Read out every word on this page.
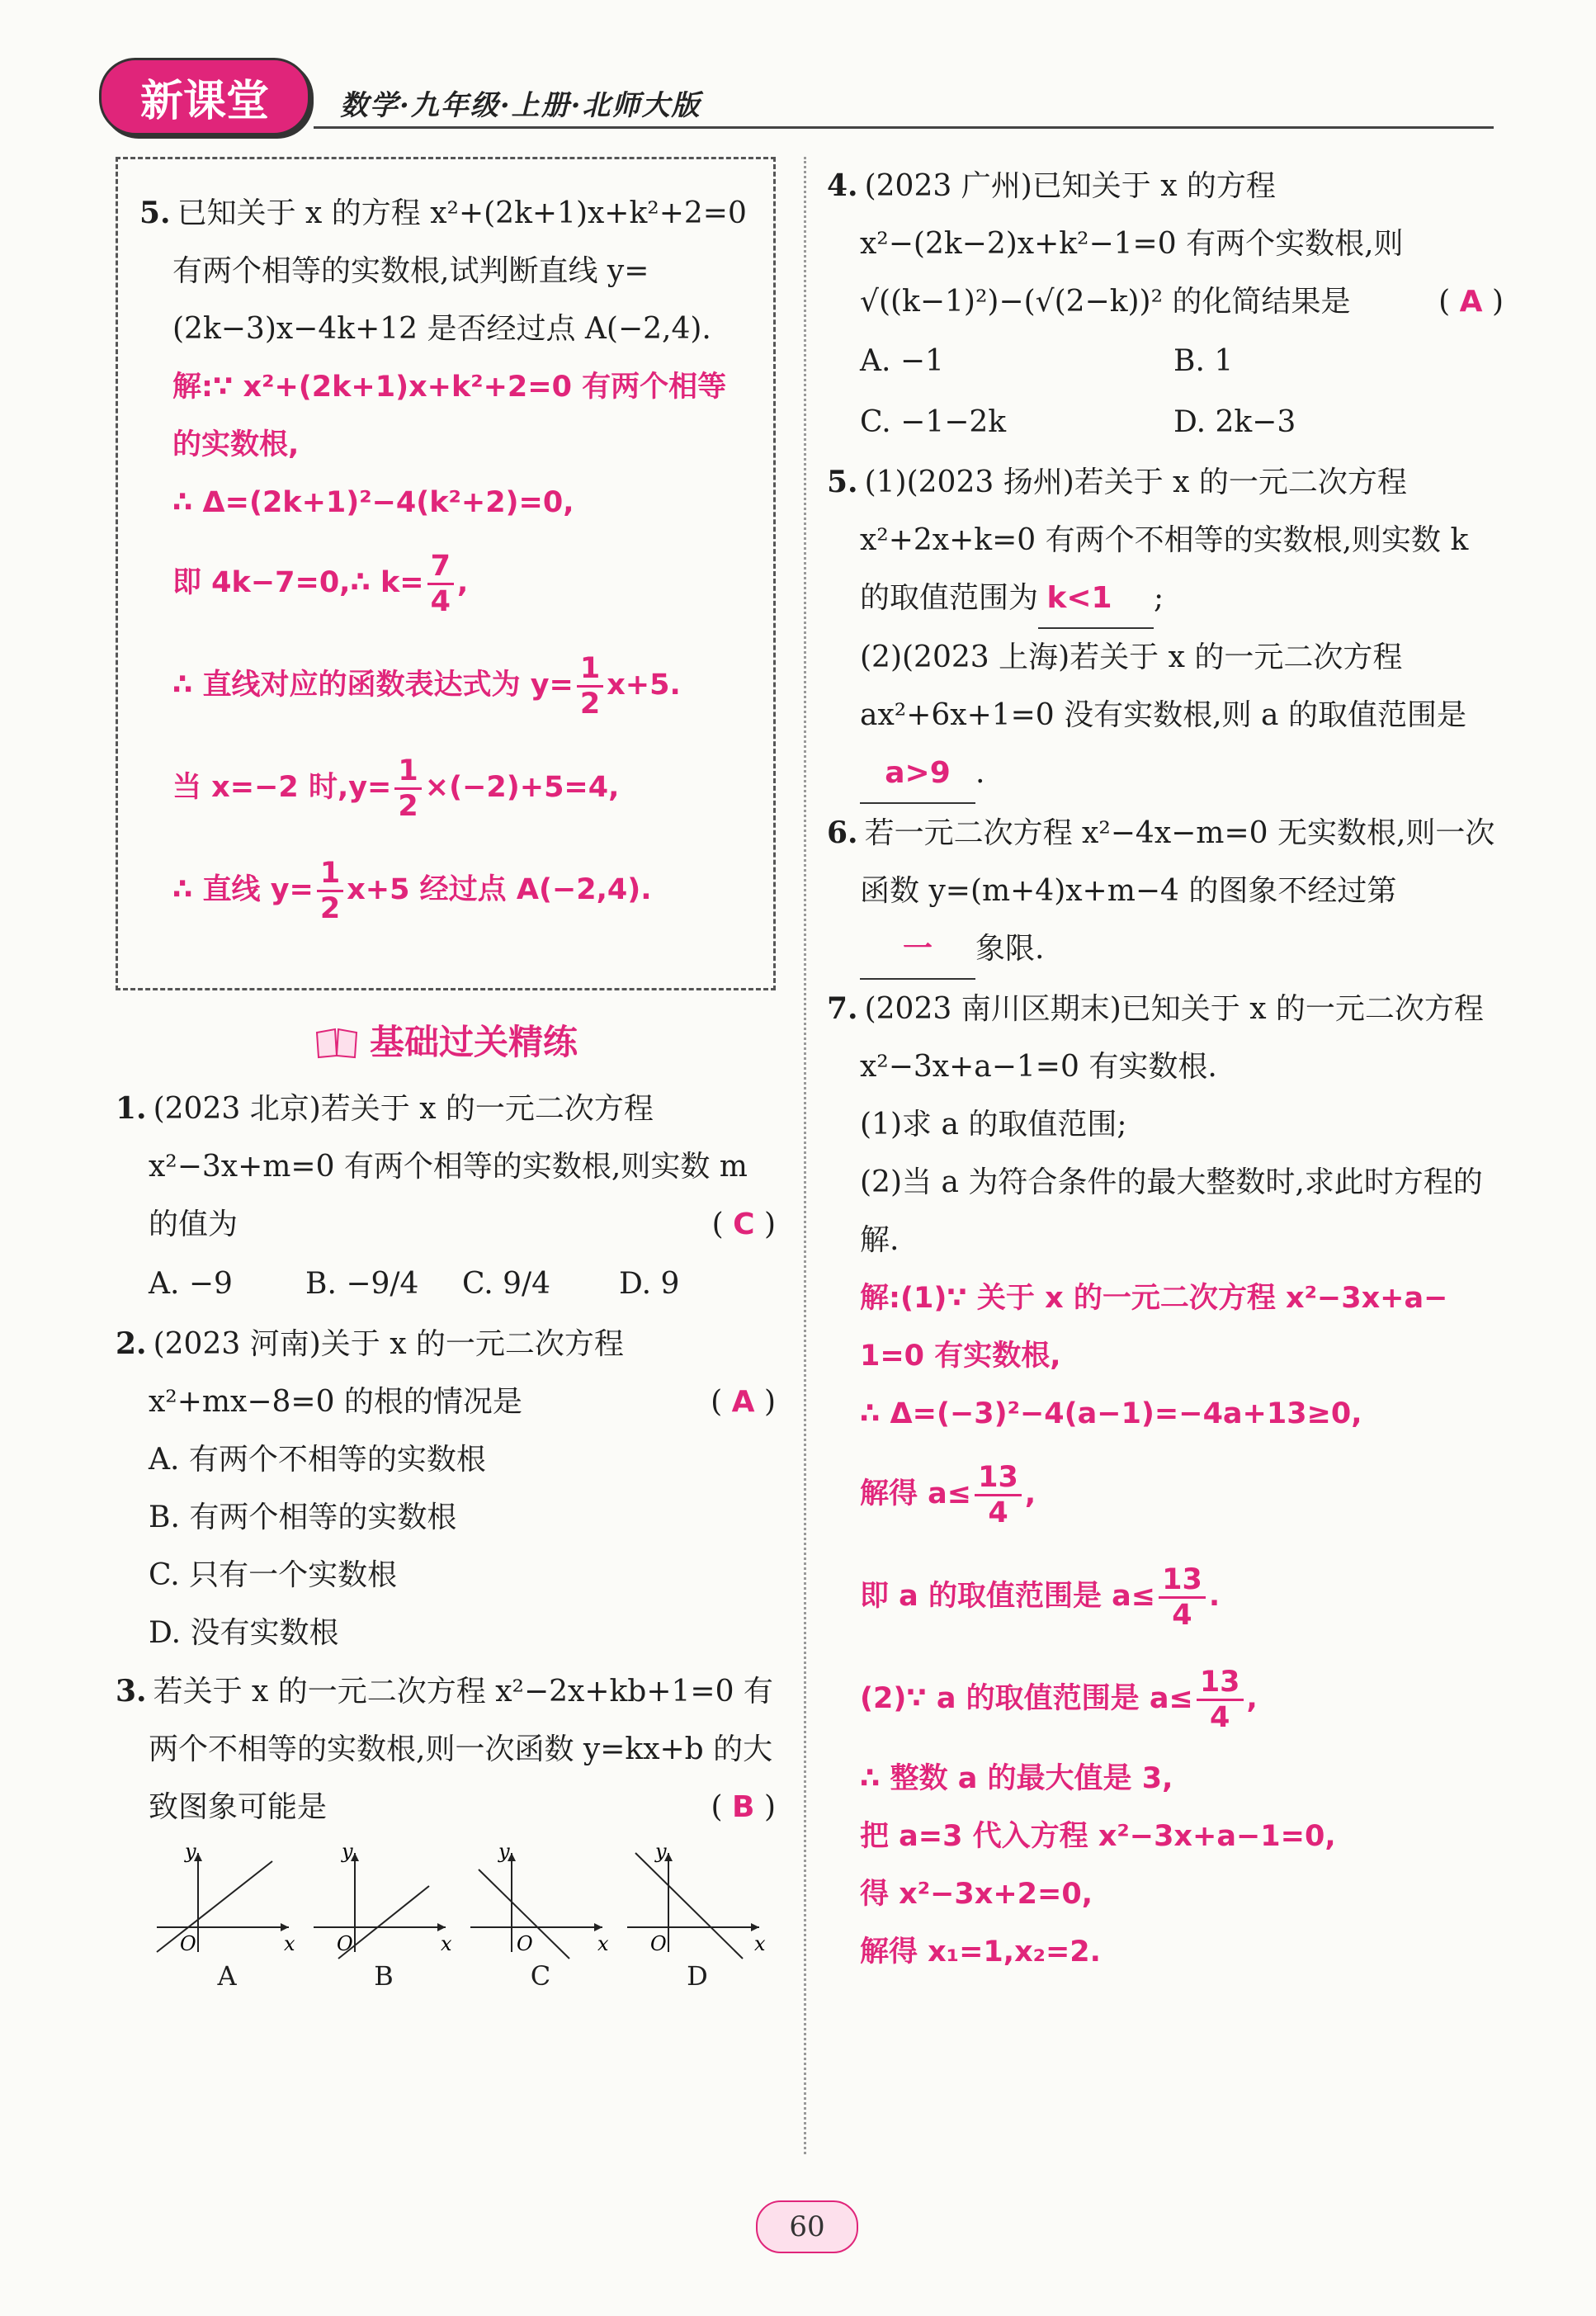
新课堂	数学·九年级·上册·北师大版
5. 已知关于 x 的方程 x²+(2k+1)x+k²+2=0 有两个相等的实数根,试判断直线 y=(2k−3)x−4k+12 是否经过点 A(−2,4).
解:∵ x²+(2k+1)x+k²+2=0 有两个相等
的实数根,
∴ Δ=(2k+1)²−4(k²+2)=0,
即 4k−7=0,∴ $k= \frac{7}{4}$ ,
∴ 直线对应的函数表达式为 $y= \frac{1}{2} x+5$.
当 x=−2 时$,y= \frac{1}{2} \times(-2)+5=4$,
∴ 直线 $y= \frac{1}{2} x+5$ 经过点 A(−2,4).
基础过关精练
1. (2023 北京)若关于 x 的一元二次方程 x²−3x+m=0 有两个相等的实数根,则实数 m 的值为	( C )
A. −9	B. −9/4	C. 9/4	D. 9
2. (2023 河南)关于 x 的一元二次方程 x²+mx−8=0 的根的情况是	( A )
A. 有两个不相等的实数根
B. 有两个相等的实数根
C. 只有一个实数根
D. 没有实数根
3. 若关于 x 的一元二次方程 x²−2x+kb+1=0 有两个不相等的实数根,则一次函数 y=kx+b 的大致图象可能是	( B )
y
x
O
A
y
x
O
B
y
x
O
C
y
x
O
D
4. (2023 广州)已知关于 x 的方程 x²−(2k−2)x+k²−1=0 有两个实数根,则 √((k−1)²)−(√(2−k))² 的化简结果是	( A )
A. −1	B. 1
C. −1−2k	D. 2k−3
5. (1)(2023 扬州)若关于 x 的一元二次方程 x²+2x+k=0 有两个不相等的实数根,则实数 k 的取值范围为 k<1 ;
(2)(2023 上海)若关于 x 的一元二次方程 ax²+6x+1=0 没有实数根,则 a 的取值范围是a>9 .
6. 若一元二次方程 x²−4x−m=0 无实数根,则一次函数 y=(m+4)x+m−4 的图象不经过第
一 象限.
7. (2023 南川区期末)已知关于 x 的一元二次方程 x²−3x+a−1=0 有实数根.
(1)求 a 的取值范围;
(2)当 a 为符合条件的最大整数时,求此时方程的解.
解:(1)∵ 关于 x 的一元二次方程 x²−3x+a−
1=0 有实数根,
∴ Δ=(−3)²−4(a−1)=−4a+13≥0,
解得 $a\le \frac{13}{4}$ ,
即 a 的取值范围是 $a\le \frac{13}{4}$ .
(2)∵ a 的取值范围是 $a\le \frac{13}{4}$ ,
∴ 整数 a 的最大值是 3,
把 a=3 代入方程 x²−3x+a−1=0,
得 x²−3x+2=0,
解得 x₁=1,x₂=2.
60
